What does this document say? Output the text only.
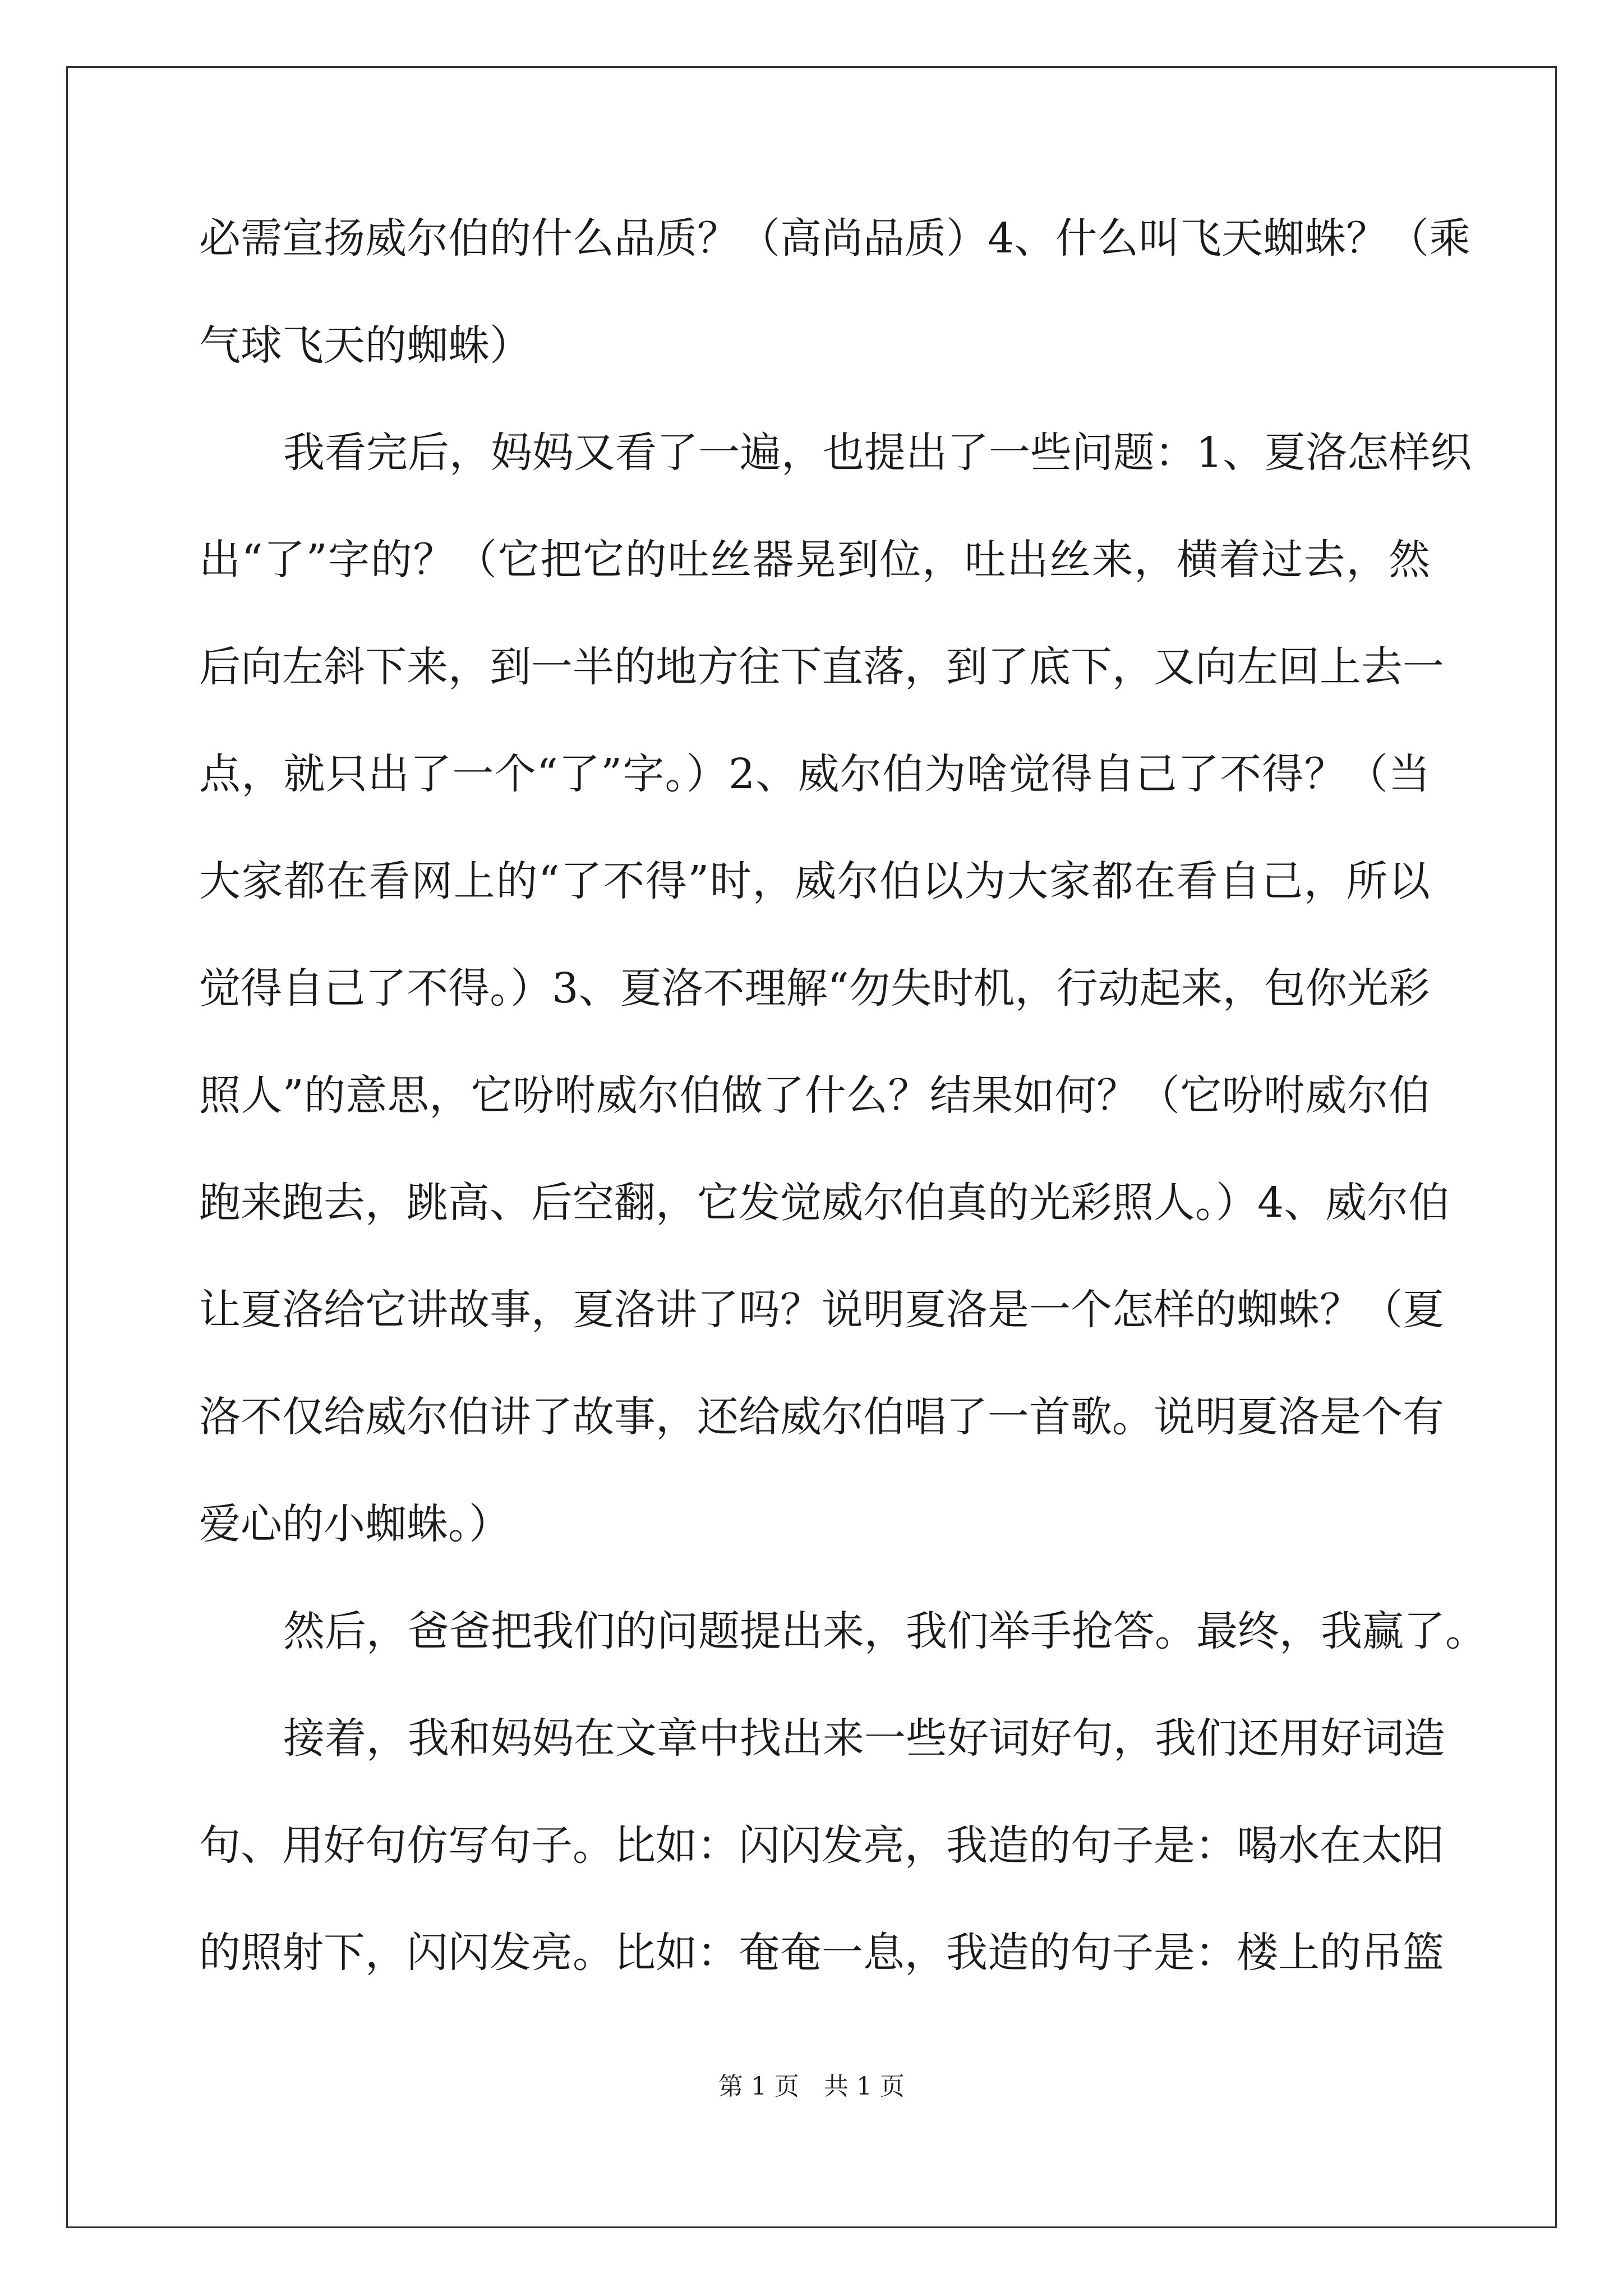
必需宣扬威尔伯的什么品质？（高尚品质）4、什么叫飞天蜘蛛？（乘
气球飞天的蜘蛛）
我看完后，妈妈又看了一遍，也提出了一些问题：1、夏洛怎样织
出“了”字的？（它把它的吐丝器晃到位，吐出丝来，横着过去，然
后向左斜下来，到一半的地方往下直落，到了底下，又向左回上去一
点，就只出了一个“了”字。）2、威尔伯为啥觉得自己了不得？（当
大家都在看网上的“了不得”时，威尔伯以为大家都在看自己，所以
觉得自己了不得。）3、夏洛不理解“勿失时机，行动起来，包你光彩
照人”的意思，它吩咐威尔伯做了什么？结果如何？（它吩咐威尔伯
跑来跑去，跳高、后空翻，它发觉威尔伯真的光彩照人。）4、威尔伯
让夏洛给它讲故事，夏洛讲了吗？说明夏洛是一个怎样的蜘蛛？（夏
洛不仅给威尔伯讲了故事，还给威尔伯唱了一首歌。说明夏洛是个有
爱心的小蜘蛛。）
然后，爸爸把我们的问题提出来，我们举手抢答。最终，我赢了。
接着，我和妈妈在文章中找出来一些好词好句，我们还用好词造
句、用好句仿写句子。比如：闪闪发亮，我造的句子是：喝水在太阳
的照射下，闪闪发亮。比如：奄奄一息，我造的句子是：楼上的吊篮
第 1 页　共 1 页
